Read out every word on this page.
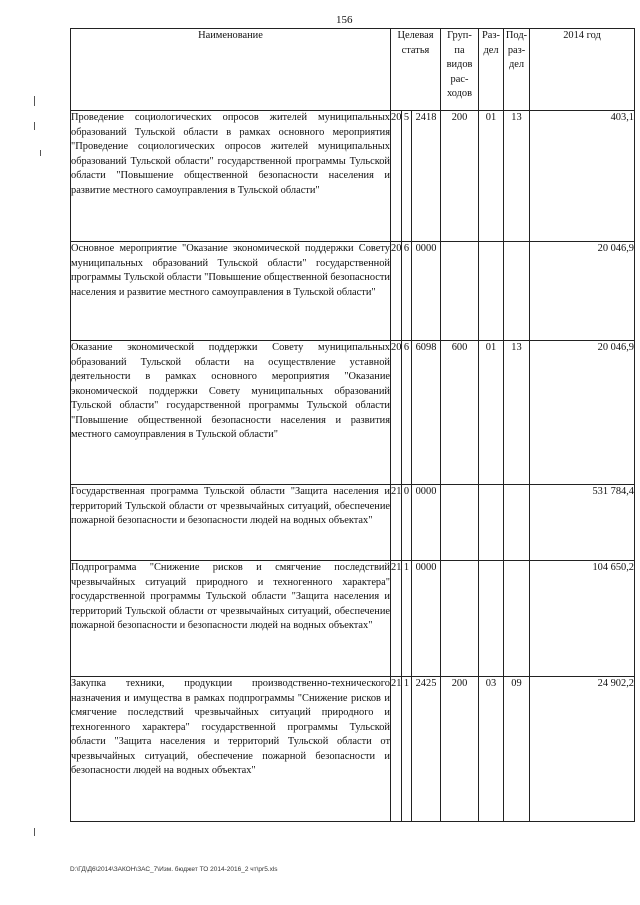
156
Наименование	Целевая статья			Груп- па видов рас- ходов	Раз- дел	Под- раз- дел	2014 год
Проведение социологических опросов жителей муниципальных образований Тульской области в рамках основного мероприятия "Проведение социологических опросов жителей муниципальных образований Тульской области" государственной программы Тульской области "Повышение общественной безопасности населения и развитие местного самоуправления в Тульской области"	20	5	2418	200	01	13	403,1
Основное мероприятие "Оказание экономической поддержки Совету муниципальных образований Тульской области" государственной программы Тульской области "Повышение общественной безопасности населения и развитие местного самоуправления в Тульской области"	20	6	0000				20 046,9
Оказание экономической поддержки Совету муниципальных образований Тульской области на осуществление уставной деятельности в рамках основного мероприятия "Оказание экономической поддержки Совету муниципальных образований Тульской области" государственной программы Тульской области "Повышение общественной безопасности населения и развития местного самоуправления в Тульской области"	20	6	6098	600	01	13	20 046,9
Государственная программа Тульской области "Защита населения и территорий Тульской области от чрезвычайных ситуаций, обеспечение пожарной безопасности и безопасности людей на водных объектах"	21	0	0000				531 784,4
Подпрограмма "Снижение рисков и смягчение последствий чрезвычайных ситуаций природного и техногенного характера" государственной программы Тульской области "Защита населения и территорий Тульской области от чрезвычайных ситуаций, обеспечение пожарной безопасности и безопасности людей на водных объектах"	21	1	0000				104 650,2
Закупка техники, продукции производственно-технического назначения и имущества в рамках подпрограммы "Снижение рисков и смягчение последствий чрезвычайных ситуаций природного и техногенного характера" государственной программы Тульской области "Защита населения и территорий Тульской области от чрезвычайных ситуаций, обеспечение пожарной безопасности и безопасности людей на водных объектах"	21	1	2425	200	03	09	24 902,2
D:\ГД\Д6\2014\ЗАКОН\ЗАС_7\Изм. бюджет ТО 2014-2016_2 чт\pr5.xls
